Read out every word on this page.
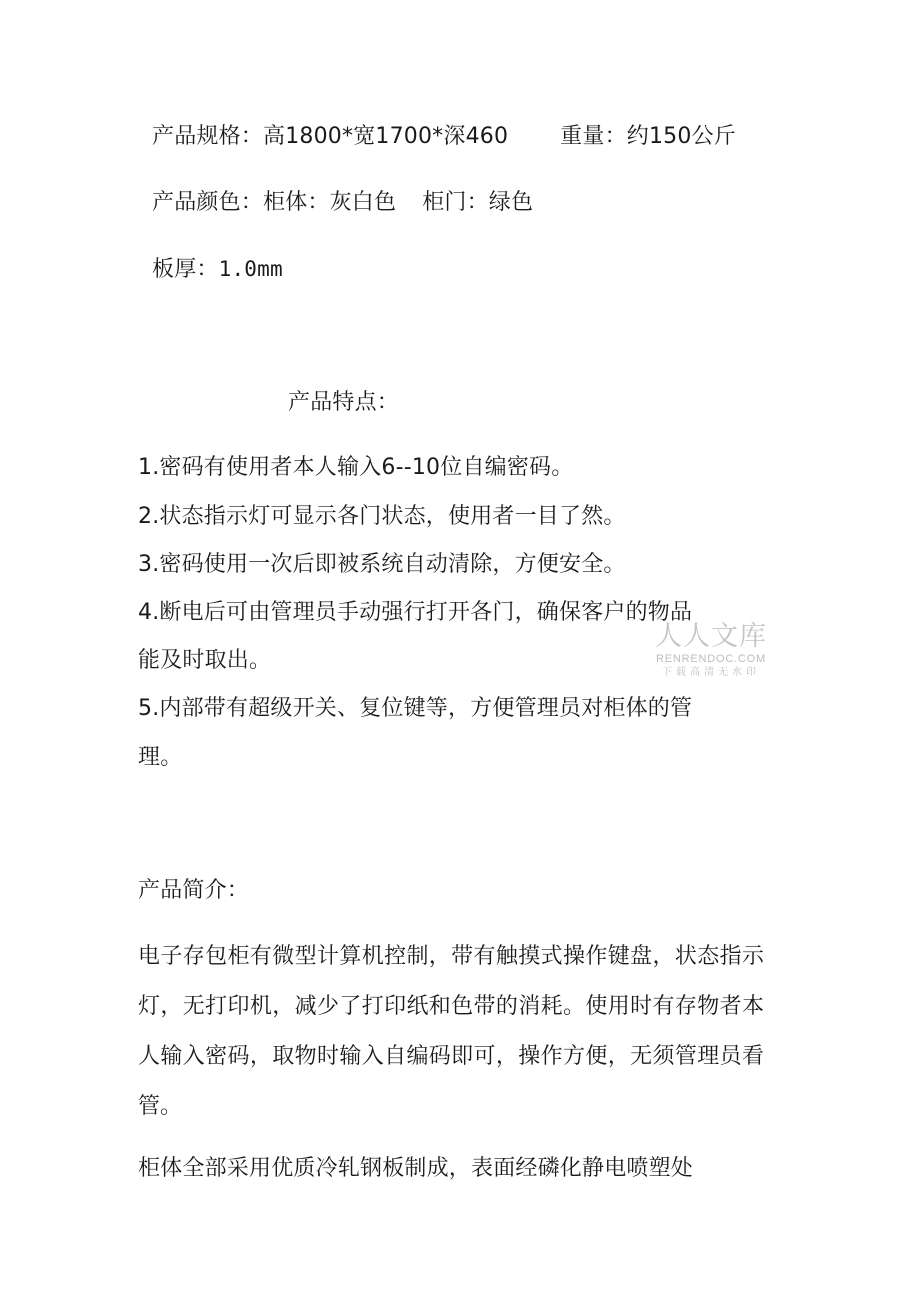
产品规格：高1800*宽1700*深460 重量：约150公斤
产品颜色：柜体：灰白色 柜门：绿色
板厚：1.0mm
产品特点：
1.密码有使用者本人输入6--10位自编密码。
2.状态指示灯可显示各门状态，使用者一目了然。
3.密码使用一次后即被系统自动清除，方便安全。
4.断电后可由管理员手动强行打开各门，确保客户的物品
能及时取出。
5.内部带有超级开关、复位键等，方便管理员对柜体的管
理。
产品简介：
电子存包柜有微型计算机控制，带有触摸式操作键盘，状态指示灯，无打印机，减少了打印纸和色带的消耗。使用时有存物者本人输入密码，取物时输入自编码即可，操作方便，无须管理员看管。
柜体全部采用优质冷轧钢板制成，表面经磷化静电喷塑处
人人文库
RENRENDOC.COM
下载高清无水印
